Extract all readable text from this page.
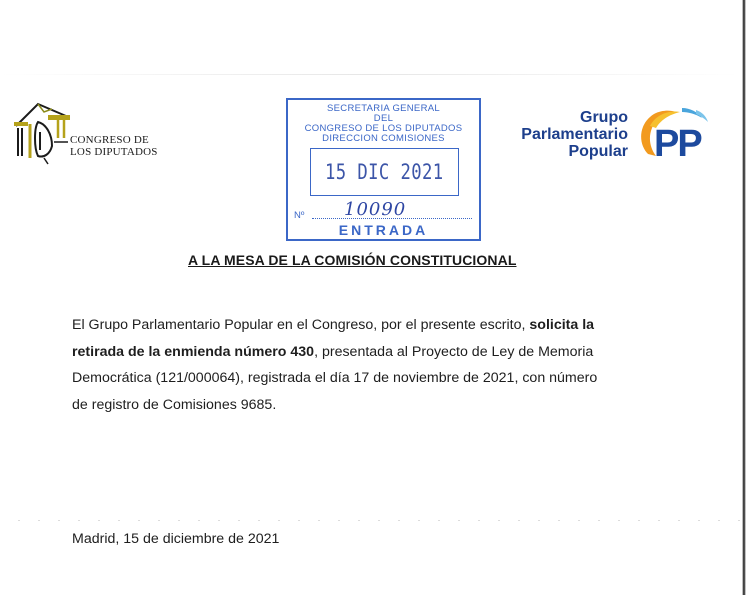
CONGRESO DE
LOS DIPUTADOS
SECRETARIA GENERAL
DEL
CONGRESO DE LOS DIPUTADOS
DIRECCION COMISIONES
15 DIC 2021
Nº 10090
ENTRADA
Grupo
Parlamentario
Popular PP
A LA MESA DE LA COMISIÓN CONSTITUCIONAL
El Grupo Parlamentario Popular en el Congreso, por el presente escrito, solicita la
retirada de la enmienda número 430, presentada al Proyecto de Ley de Memoria
Democrática (121/000064), registrada el día 17 de noviembre de 2021, con número
de registro de Comisiones 9685.
Madrid, 15 de diciembre de 2021
